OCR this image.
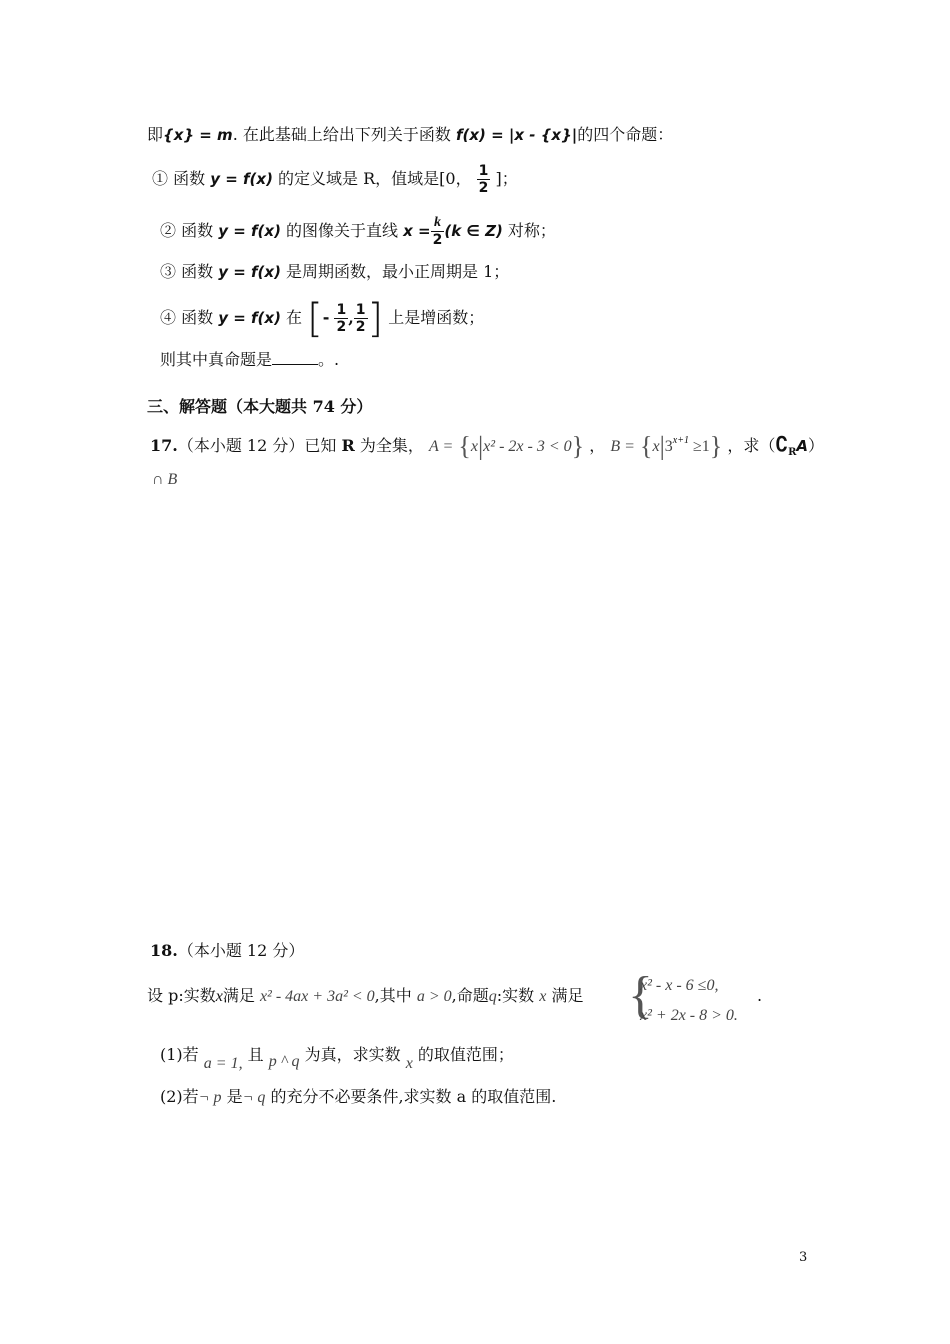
即{x} = m. 在此基础上给出下列关于函数 f(x) = |x - {x}|的四个命题：
① 函数 y = f(x) 的定义域是 R，值域是[0， $\frac{1}{2}$ ]；
② 函数 y = f(x) 的图像关于直线 $x = \frac{k}{2} (k$ ∈ Z) 对称；
③ 函数 y = f(x) 是周期函数，最小正周期是 1；
④ 函数 y = f(x) 在 [- $\frac{1}{2}$ , $\frac{1}{2}$ ] 上是增函数；
则其中真命题是	。.
三、解答题（本大题共 74 分）
17.（本小题 12 分）已知 R 为全集， A = {x|x² - 2x - 3 < 0} ， $B = \{x|3^{x+1} \ge 1\}$ ，求$(∁_RA)$
∩ B
18.（本小题 12 分）
设 p:实数x满足 x² - 4ax + 3a² < 0,其中 a > 0,命题q:实数 x 满足 {
x² - x - 6 ≤0,
x² + 2x - 8 > 0.
.
(1)若 a = 1, 且 p ^ q 为真，求实数 x 的取值范围；
(2)若¬ p 是¬ q 的充分不必要条件,求实数 a 的取值范围.
3
